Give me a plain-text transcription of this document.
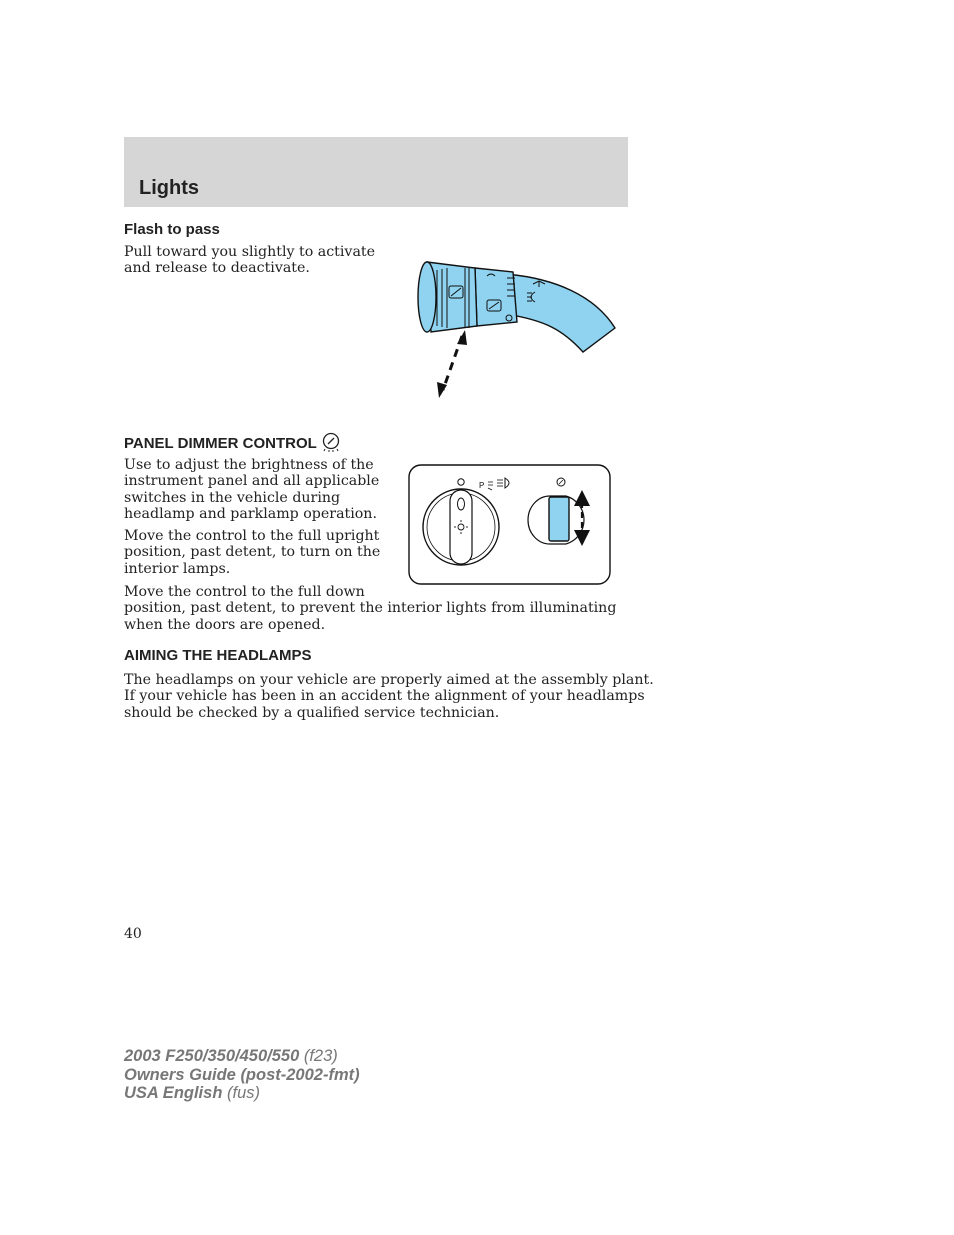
Lights
Flash to pass

Pull toward you slightly to activate
and release to deactivate.

PANEL DIMMER CONTROL

Use to adjust the brightness of the
instrument panel and all applicable
switches in the vehicle during
headlamp and parklamp operation.

Move the control to the full upright
position, past detent, to turn on the
interior lamps.

Move the control to the full down
position, past detent, to prevent the interior lights from illuminating
when the doors are opened.

P
AIMING THE HEADLAMPS

The headlamps on your vehicle are properly aimed at the assembly plant.
If your vehicle has been in an accident the alignment of your headlamps
should be checked by a qualified service technician.

40
2003 F250/350/450/550 (f23)
Owners Guide (post-2002-fmt)
USA English (fus)
